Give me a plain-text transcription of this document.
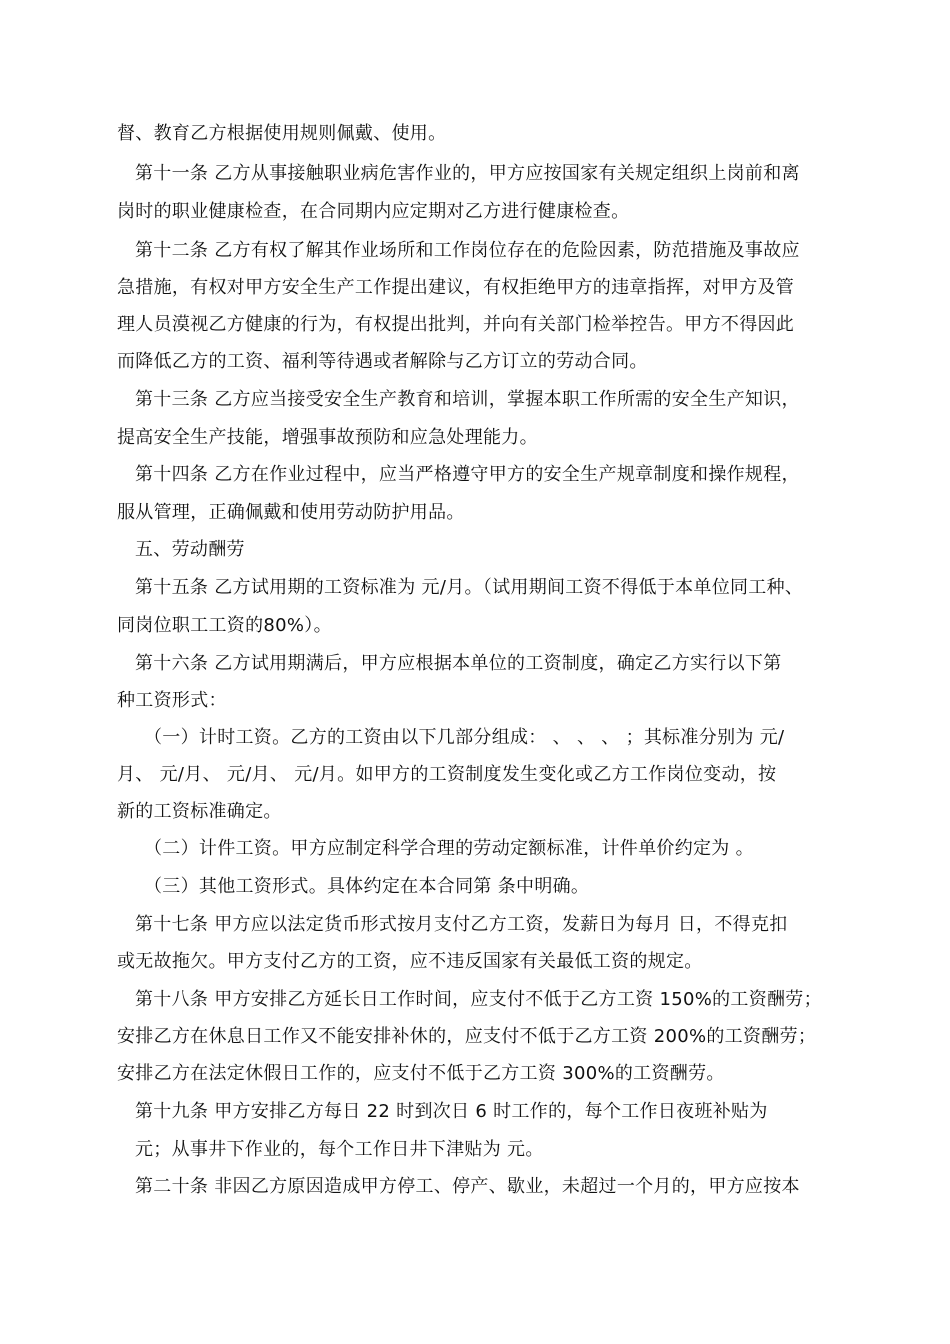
督、教育乙方根据使用规则佩戴、使用。
第十一条 乙方从事接触职业病危害作业的，甲方应按国家有关规定组织上岗前和离
岗时的职业健康检查，在合同期内应定期对乙方进行健康检查。
第十二条 乙方有权了解其作业场所和工作岗位存在的危险因素，防范措施及事故应
急措施，有权对甲方安全生产工作提出建议，有权拒绝甲方的违章指挥，对甲方及管
理人员漠视乙方健康的行为，有权提出批判，并向有关部门检举控告。甲方不得因此
而降低乙方的工资、福利等待遇或者解除与乙方订立的劳动合同。
第十三条 乙方应当接受安全生产教育和培训，掌握本职工作所需的安全生产知识，
提高安全生产技能，增强事故预防和应急处理能力。
第十四条 乙方在作业过程中，应当严格遵守甲方的安全生产规章制度和操作规程，
服从管理，正确佩戴和使用劳动防护用品。
五、劳动酬劳
第十五条 乙方试用期的工资标准为 元/月。（试用期间工资不得低于本单位同工种、
同岗位职工工资的80%）。
第十六条 乙方试用期满后，甲方应根据本单位的工资制度，确定乙方实行以下第
种工资形式：
（一）计时工资。乙方的工资由以下几部分组成： 、 、 、 ；其标准分别为 元/
月、 元/月、 元/月、 元/月。如甲方的工资制度发生变化或乙方工作岗位变动，按
新的工资标准确定。
（二）计件工资。甲方应制定科学合理的劳动定额标准，计件单价约定为 。
（三）其他工资形式。具体约定在本合同第 条中明确。
第十七条 甲方应以法定货币形式按月支付乙方工资，发薪日为每月 日，不得克扣
或无故拖欠。甲方支付乙方的工资，应不违反国家有关最低工资的规定。
第十八条 甲方安排乙方延长日工作时间，应支付不低于乙方工资 150%的工资酬劳；
安排乙方在休息日工作又不能安排补休的，应支付不低于乙方工资 200%的工资酬劳；
安排乙方在法定休假日工作的，应支付不低于乙方工资 300%的工资酬劳。
第十九条 甲方安排乙方每日 22 时到次日 6 时工作的，每个工作日夜班补贴为
元；从事井下作业的，每个工作日井下津贴为 元。
第二十条 非因乙方原因造成甲方停工、停产、歇业，未超过一个月的，甲方应按本
